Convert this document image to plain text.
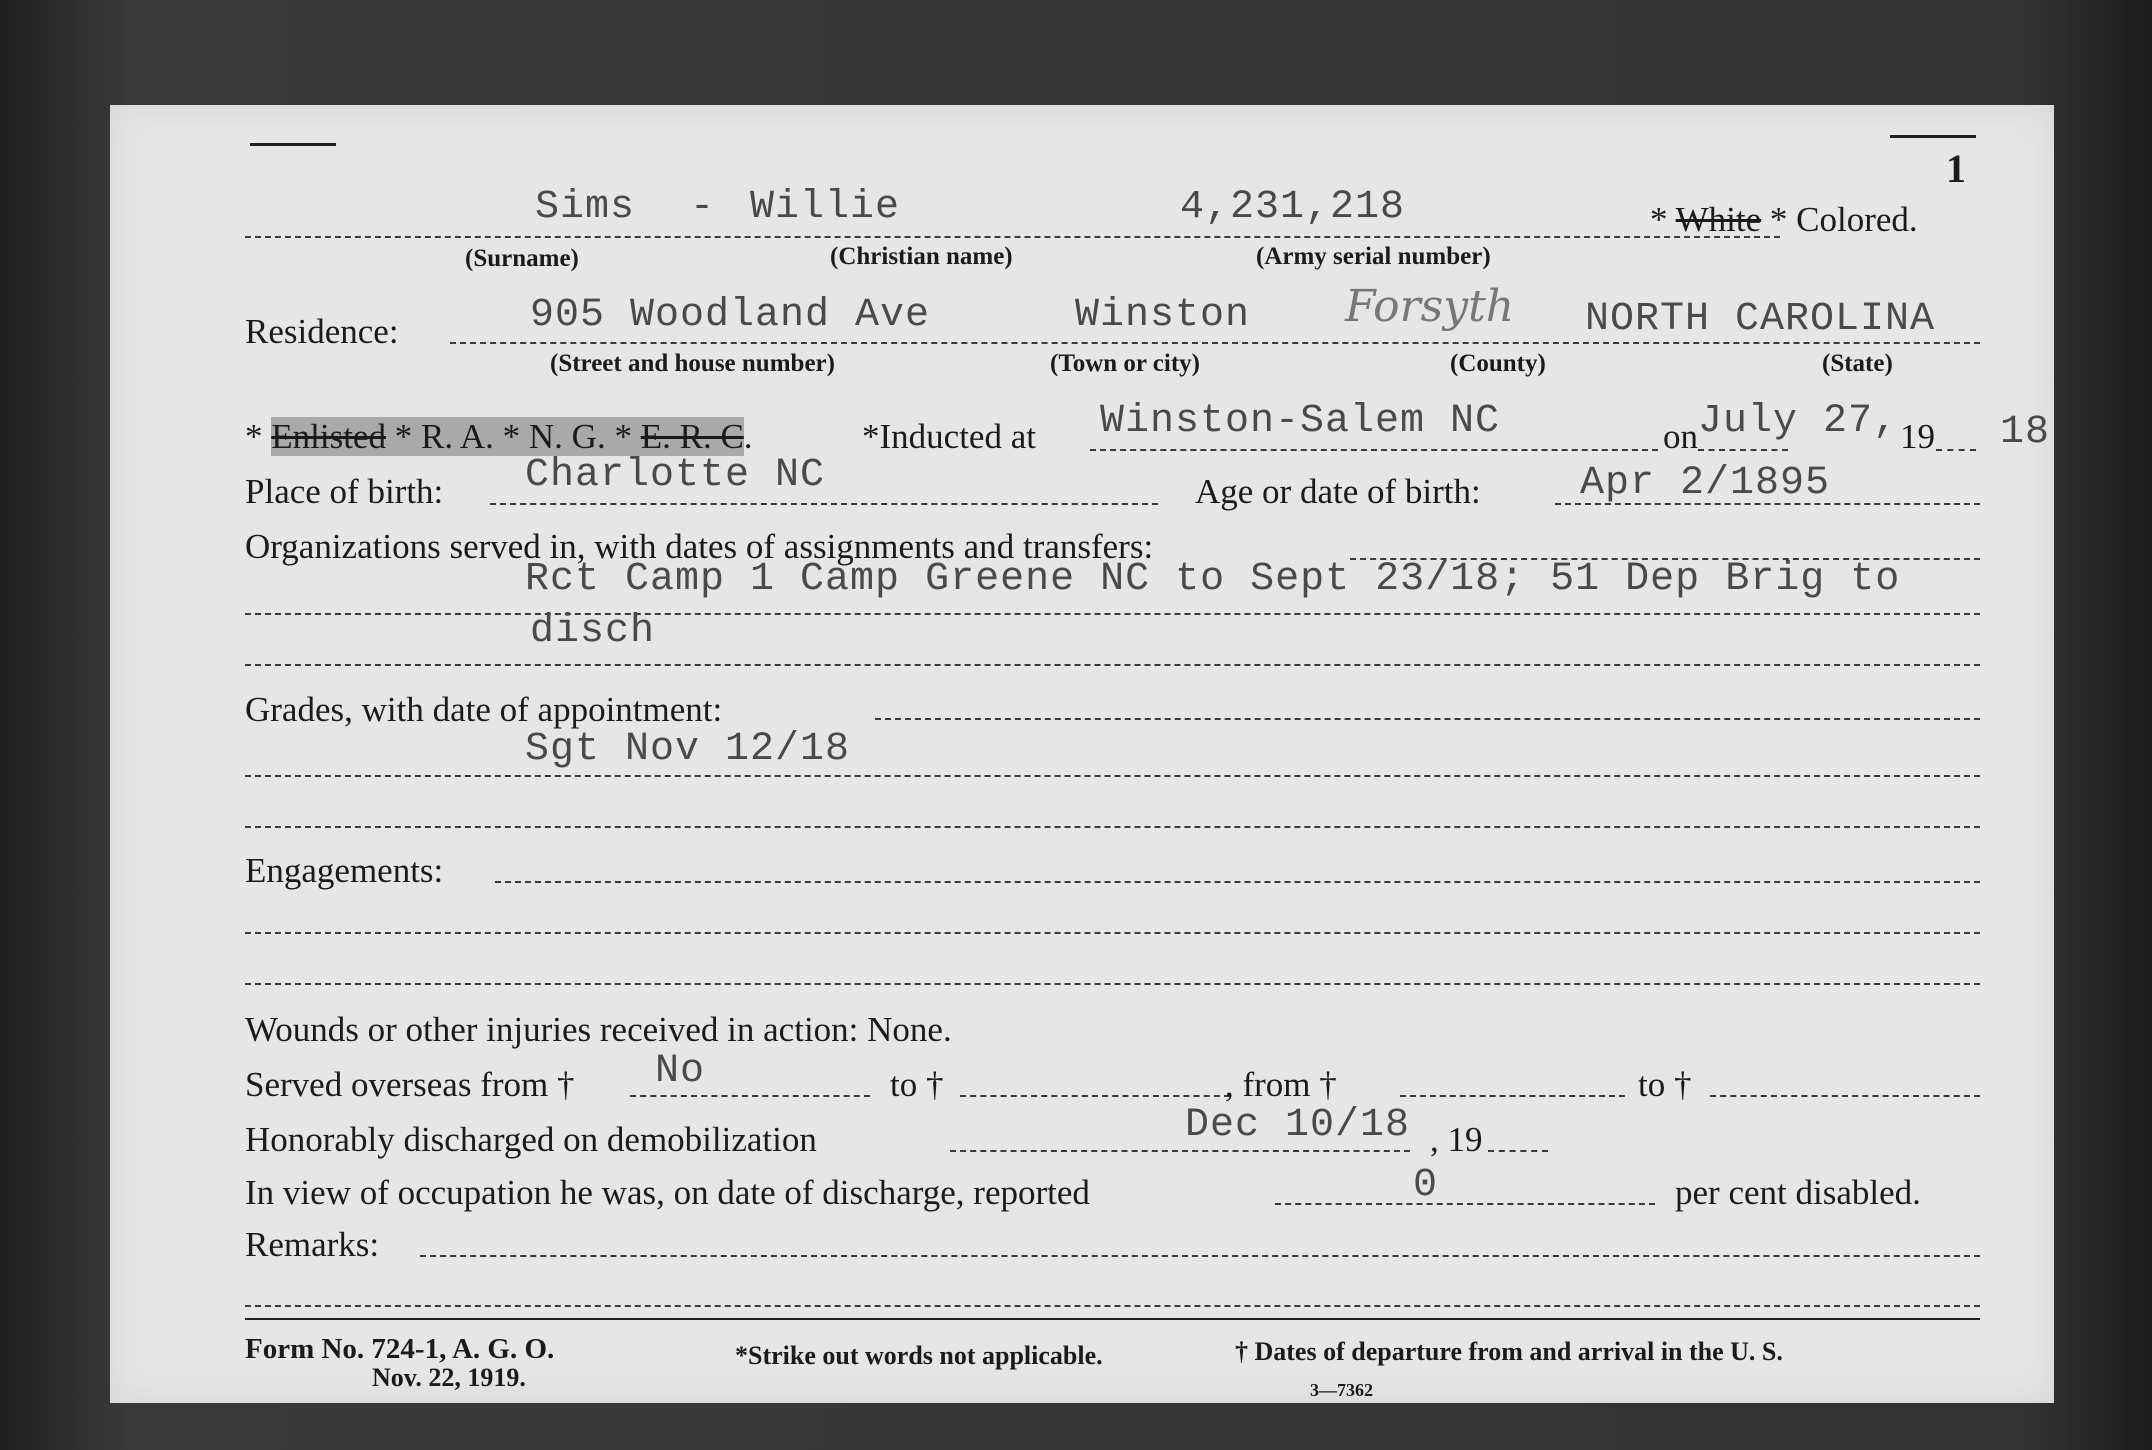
1
Sims - Willie	4,231,218	* White * Colored.
(Surname)	(Christian name)	(Army serial number)
Residence:	905 Woodland Ave	Winston Forsyth NORTH CAROLINA
(Street and house number)	(Town or city)	(County)	(State)
* Enlisted * R. A. * N. G. * E. R. C.	*Inducted at Winston-Salem NC	on July 27, 19 18
Place of birth: Charlotte NC	Age or date of birth: Apr 2/1895
Organizations served in, with dates of assignments and transfers:
Rct Camp 1 Camp Greene NC to Sept 23/18; 51 Dep Brig to
disch
Grades, with date of appointment:
Sgt Nov 12/18
Engagements:
Wounds or other injuries received in action: None.
Served overseas from † No	to †	, from †	to †
Honorably discharged on demobilization	Dec 10/18 , 19
In view of occupation he was, on date of discharge, reported	0	per cent disabled.
Remarks:
Form No. 724-1, A. G. O.
Nov. 22, 1919.
*Strike out words not applicable.	† Dates of departure from and arrival in the U. S.
3—7362
